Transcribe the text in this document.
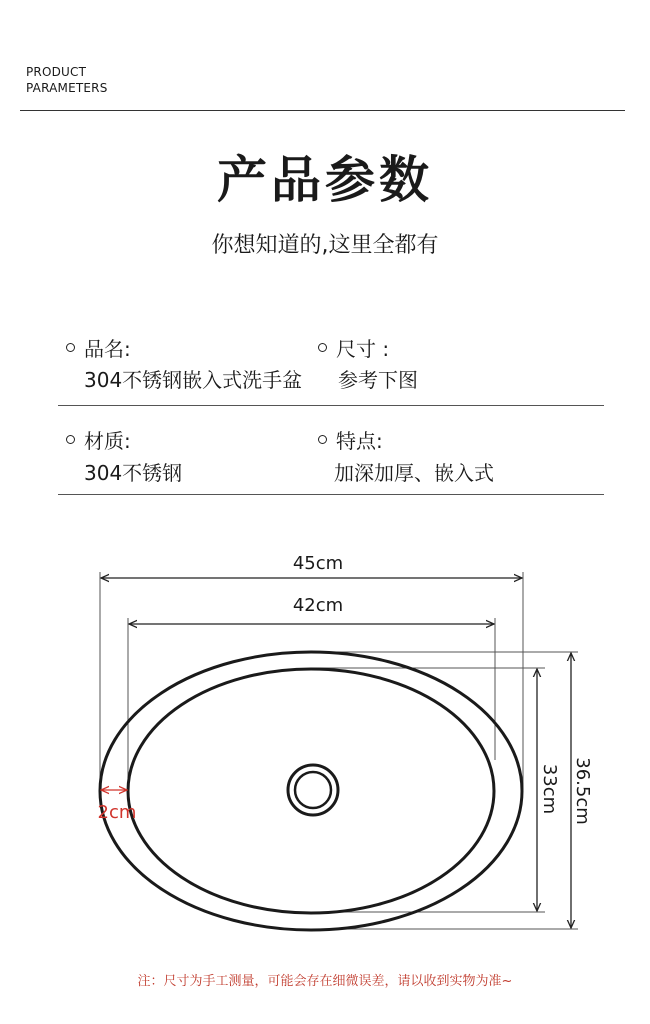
PRODUCT
PARAMETERS
产品参数
你想知道的,这里全都有
品名:
304不锈钢嵌入式洗手盆
尺寸 :
参考下图
材质:
304不锈钢
特点:
加深加厚、嵌入式
45cm
42cm
2cm	33cm 36.5cm
注：尺寸为手工测量，可能会存在细微误差，请以收到实物为准~
